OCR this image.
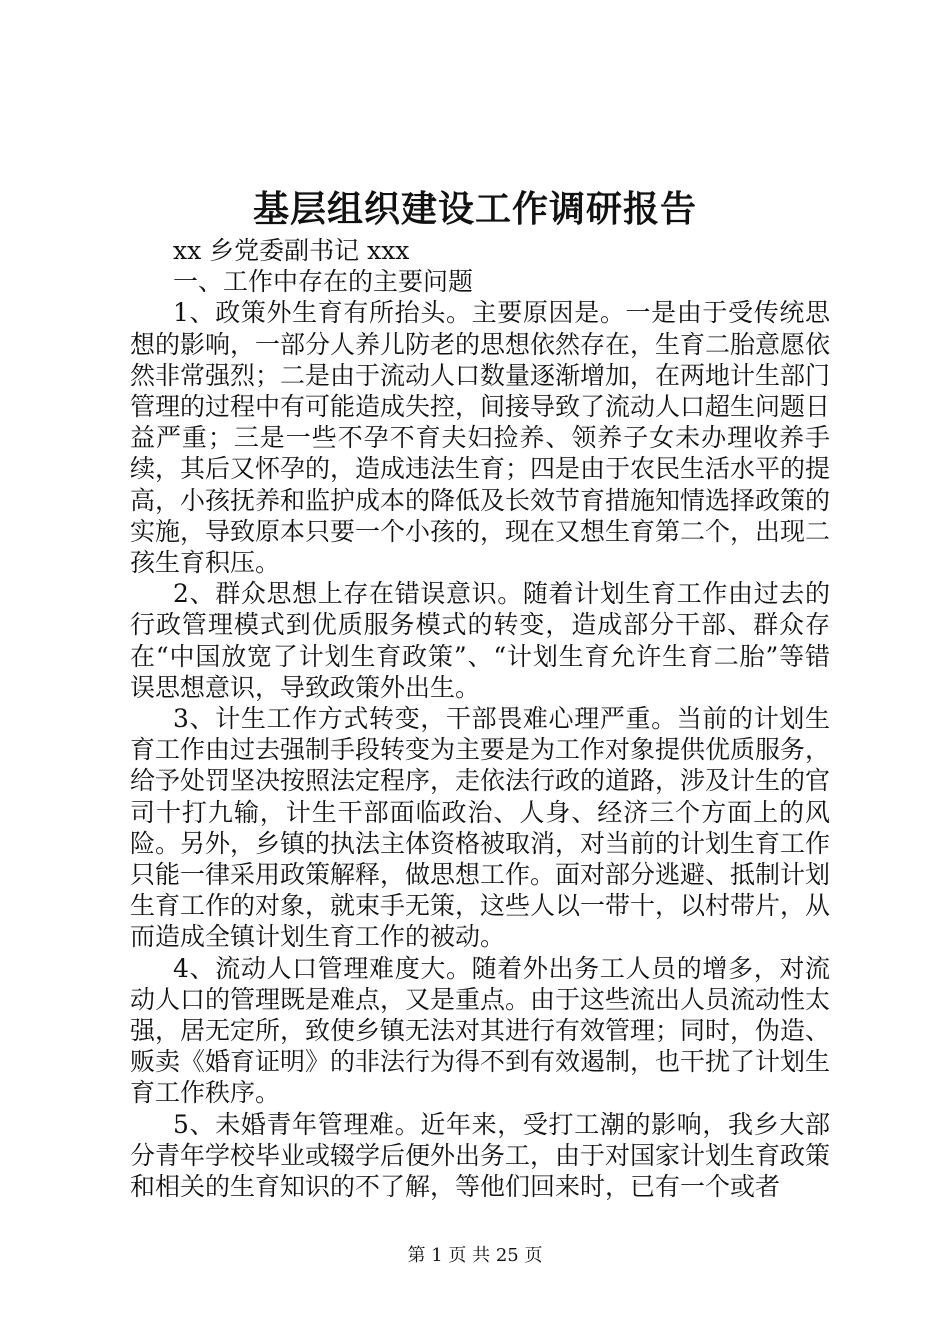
基层组织建设工作调研报告

xx 乡党委副书记 xxx

一、工作中存在的主要问题

1、政策外生育有所抬头。主要原因是。一是由于受传统思想的影响，一部分人养儿防老的思想依然存在，生育二胎意愿依然非常强烈；二是由于流动人口数量逐渐增加，在两地计生部门管理的过程中有可能造成失控，间接导致了流动人口超生问题日益严重；三是一些不孕不育夫妇捡养、领养子女未办理收养手续，其后又怀孕的，造成违法生育；四是由于农民生活水平的提高，小孩抚养和监护成本的降低及长效节育措施知情选择政策的实施，导致原本只要一个小孩的，现在又想生育第二个，出现二孩生育积压。

2、群众思想上存在错误意识。随着计划生育工作由过去的行政管理模式到优质服务模式的转变，造成部分干部、群众存在“中国放宽了计划生育政策”、“计划生育允许生育二胎”等错误思想意识，导致政策外出生。

3、计生工作方式转变，干部畏难心理严重。当前的计划生育工作由过去强制手段转变为主要是为工作对象提供优质服务，给予处罚坚决按照法定程序，走依法行政的道路，涉及计生的官司十打九输，计生干部面临政治、人身、经济三个方面上的风险。另外，乡镇的执法主体资格被取消，对当前的计划生育工作只能一律采用政策解释，做思想工作。面对部分逃避、抵制计划生育工作的对象，就束手无策，这些人以一带十，以村带片，从而造成全镇计划生育工作的被动。

4、流动人口管理难度大。随着外出务工人员的增多，对流动人口的管理既是难点，又是重点。由于这些流出人员流动性太强，居无定所，致使乡镇无法对其进行有效管理；同时，伪造、贩卖《婚育证明》的非法行为得不到有效遏制，也干扰了计划生育工作秩序。

5、未婚青年管理难。近年来，受打工潮的影响，我乡大部分青年学校毕业或辍学后便外出务工，由于对国家计划生育政策和相关的生育知识的不了解，等他们回来时，已有一个或者

第 1 页 共 25 页
